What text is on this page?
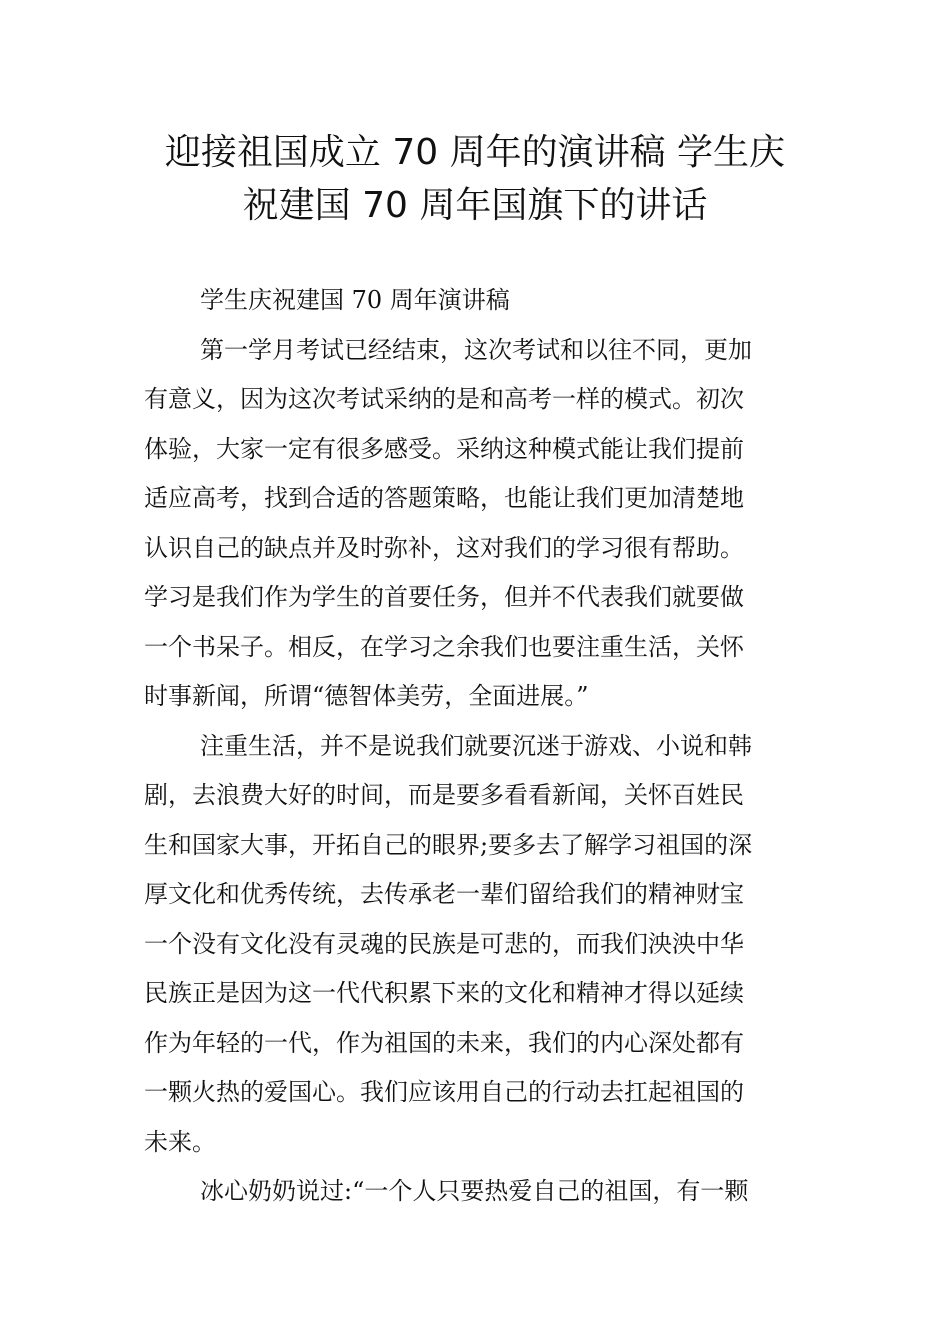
迎接祖国成立 70 周年的演讲稿 学生庆
祝建国 70 周年国旗下的讲话
学生庆祝建国 70 周年演讲稿
第一学月考试已经结束，这次考试和以往不同，更加
有意义，因为这次考试采纳的是和高考一样的模式。初次
体验，大家一定有很多感受。采纳这种模式能让我们提前
适应高考，找到合适的答题策略，也能让我们更加清楚地
认识自己的缺点并及时弥补，这对我们的学习很有帮助。
学习是我们作为学生的首要任务，但并不代表我们就要做
一个书呆子。相反，在学习之余我们也要注重生活，关怀
时事新闻，所谓“德智体美劳，全面进展。”
注重生活，并不是说我们就要沉迷于游戏、小说和韩
剧，去浪费大好的时间，而是要多看看新闻，关怀百姓民
生和国家大事，开拓自己的眼界;要多去了解学习祖国的深
厚文化和优秀传统，去传承老一辈们留给我们的精神财宝
一个没有文化没有灵魂的民族是可悲的，而我们泱泱中华
民族正是因为这一代代积累下来的文化和精神才得以延续
作为年轻的一代，作为祖国的未来，我们的内心深处都有
一颗火热的爱国心。我们应该用自己的行动去扛起祖国的
未来。
冰心奶奶说过:“一个人只要热爱自己的祖国，有一颗
